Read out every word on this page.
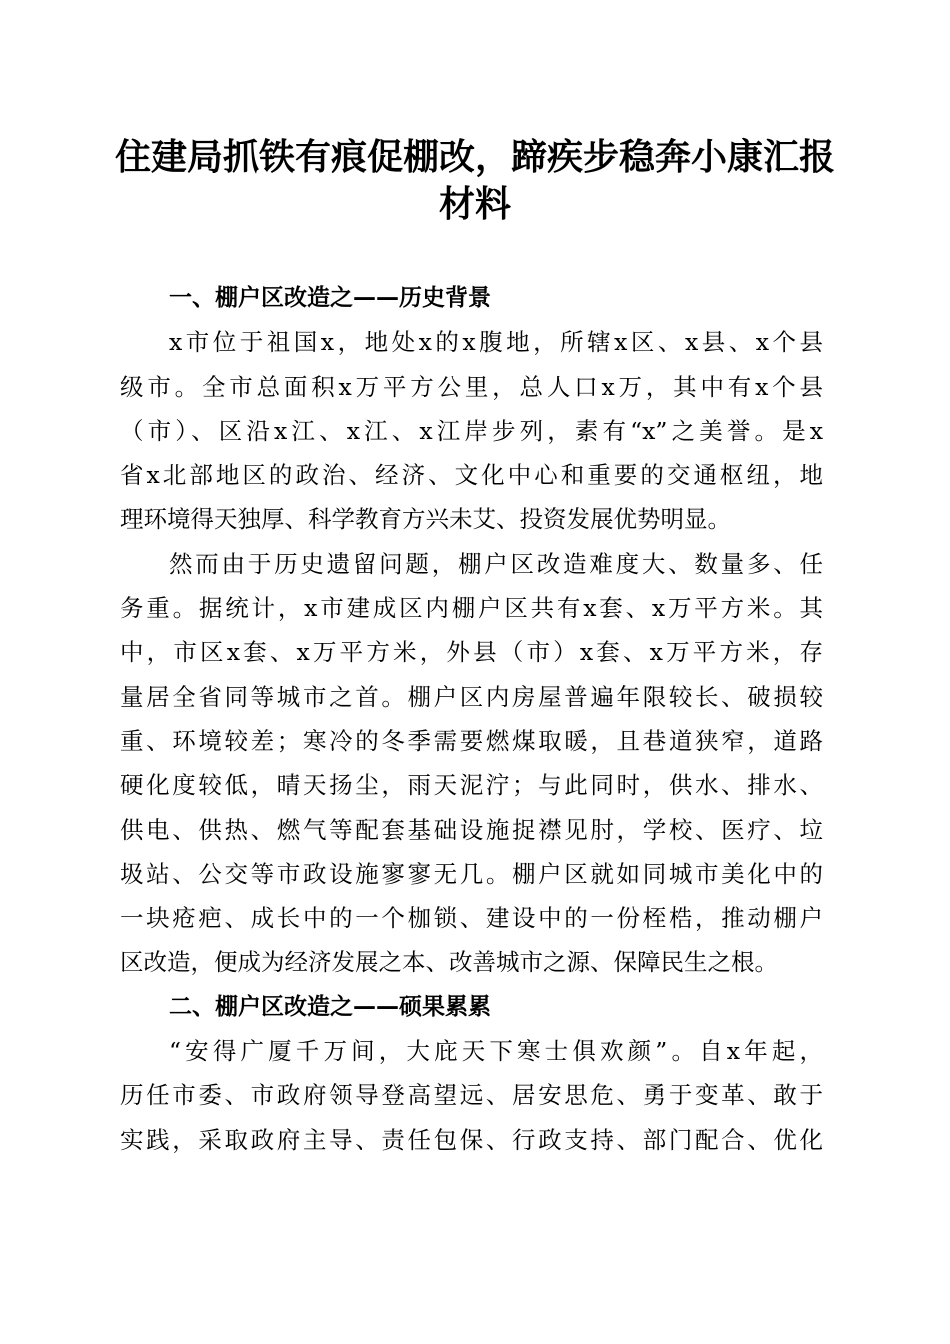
住建局抓铁有痕促棚改，蹄疾步稳奔小康汇报
材料
一、棚户区改造之——历史背景
x市位于祖国x，地处x的x腹地，所辖x区、x县、x个县
级市。全市总面积x万平方公里，总人口x万，其中有x个县
（市）、区沿x江、x江、x江岸步列，素有“x”之美誉。是x
省x北部地区的政治、经济、文化中心和重要的交通枢纽，地
理环境得天独厚、科学教育方兴未艾、投资发展优势明显。
然而由于历史遗留问题，棚户区改造难度大、数量多、任
务重。据统计，x市建成区内棚户区共有x套、x万平方米。其
中，市区x套、x万平方米，外县（市）x套、x万平方米，存
量居全省同等城市之首。棚户区内房屋普遍年限较长、破损较
重、环境较差；寒冷的冬季需要燃煤取暖，且巷道狭窄，道路
硬化度较低，晴天扬尘，雨天泥泞；与此同时，供水、排水、
供电、供热、燃气等配套基础设施捉襟见肘，学校、医疗、垃
圾站、公交等市政设施寥寥无几。棚户区就如同城市美化中的
一块疮疤、成长中的一个枷锁、建设中的一份桎梏，推动棚户
区改造，便成为经济发展之本、改善城市之源、保障民生之根。
二、棚户区改造之——硕果累累
“安得广厦千万间，大庇天下寒士俱欢颜”。自x年起，
历任市委、市政府领导登高望远、居安思危、勇于变革、敢于
实践，采取政府主导、责任包保、行政支持、部门配合、优化
